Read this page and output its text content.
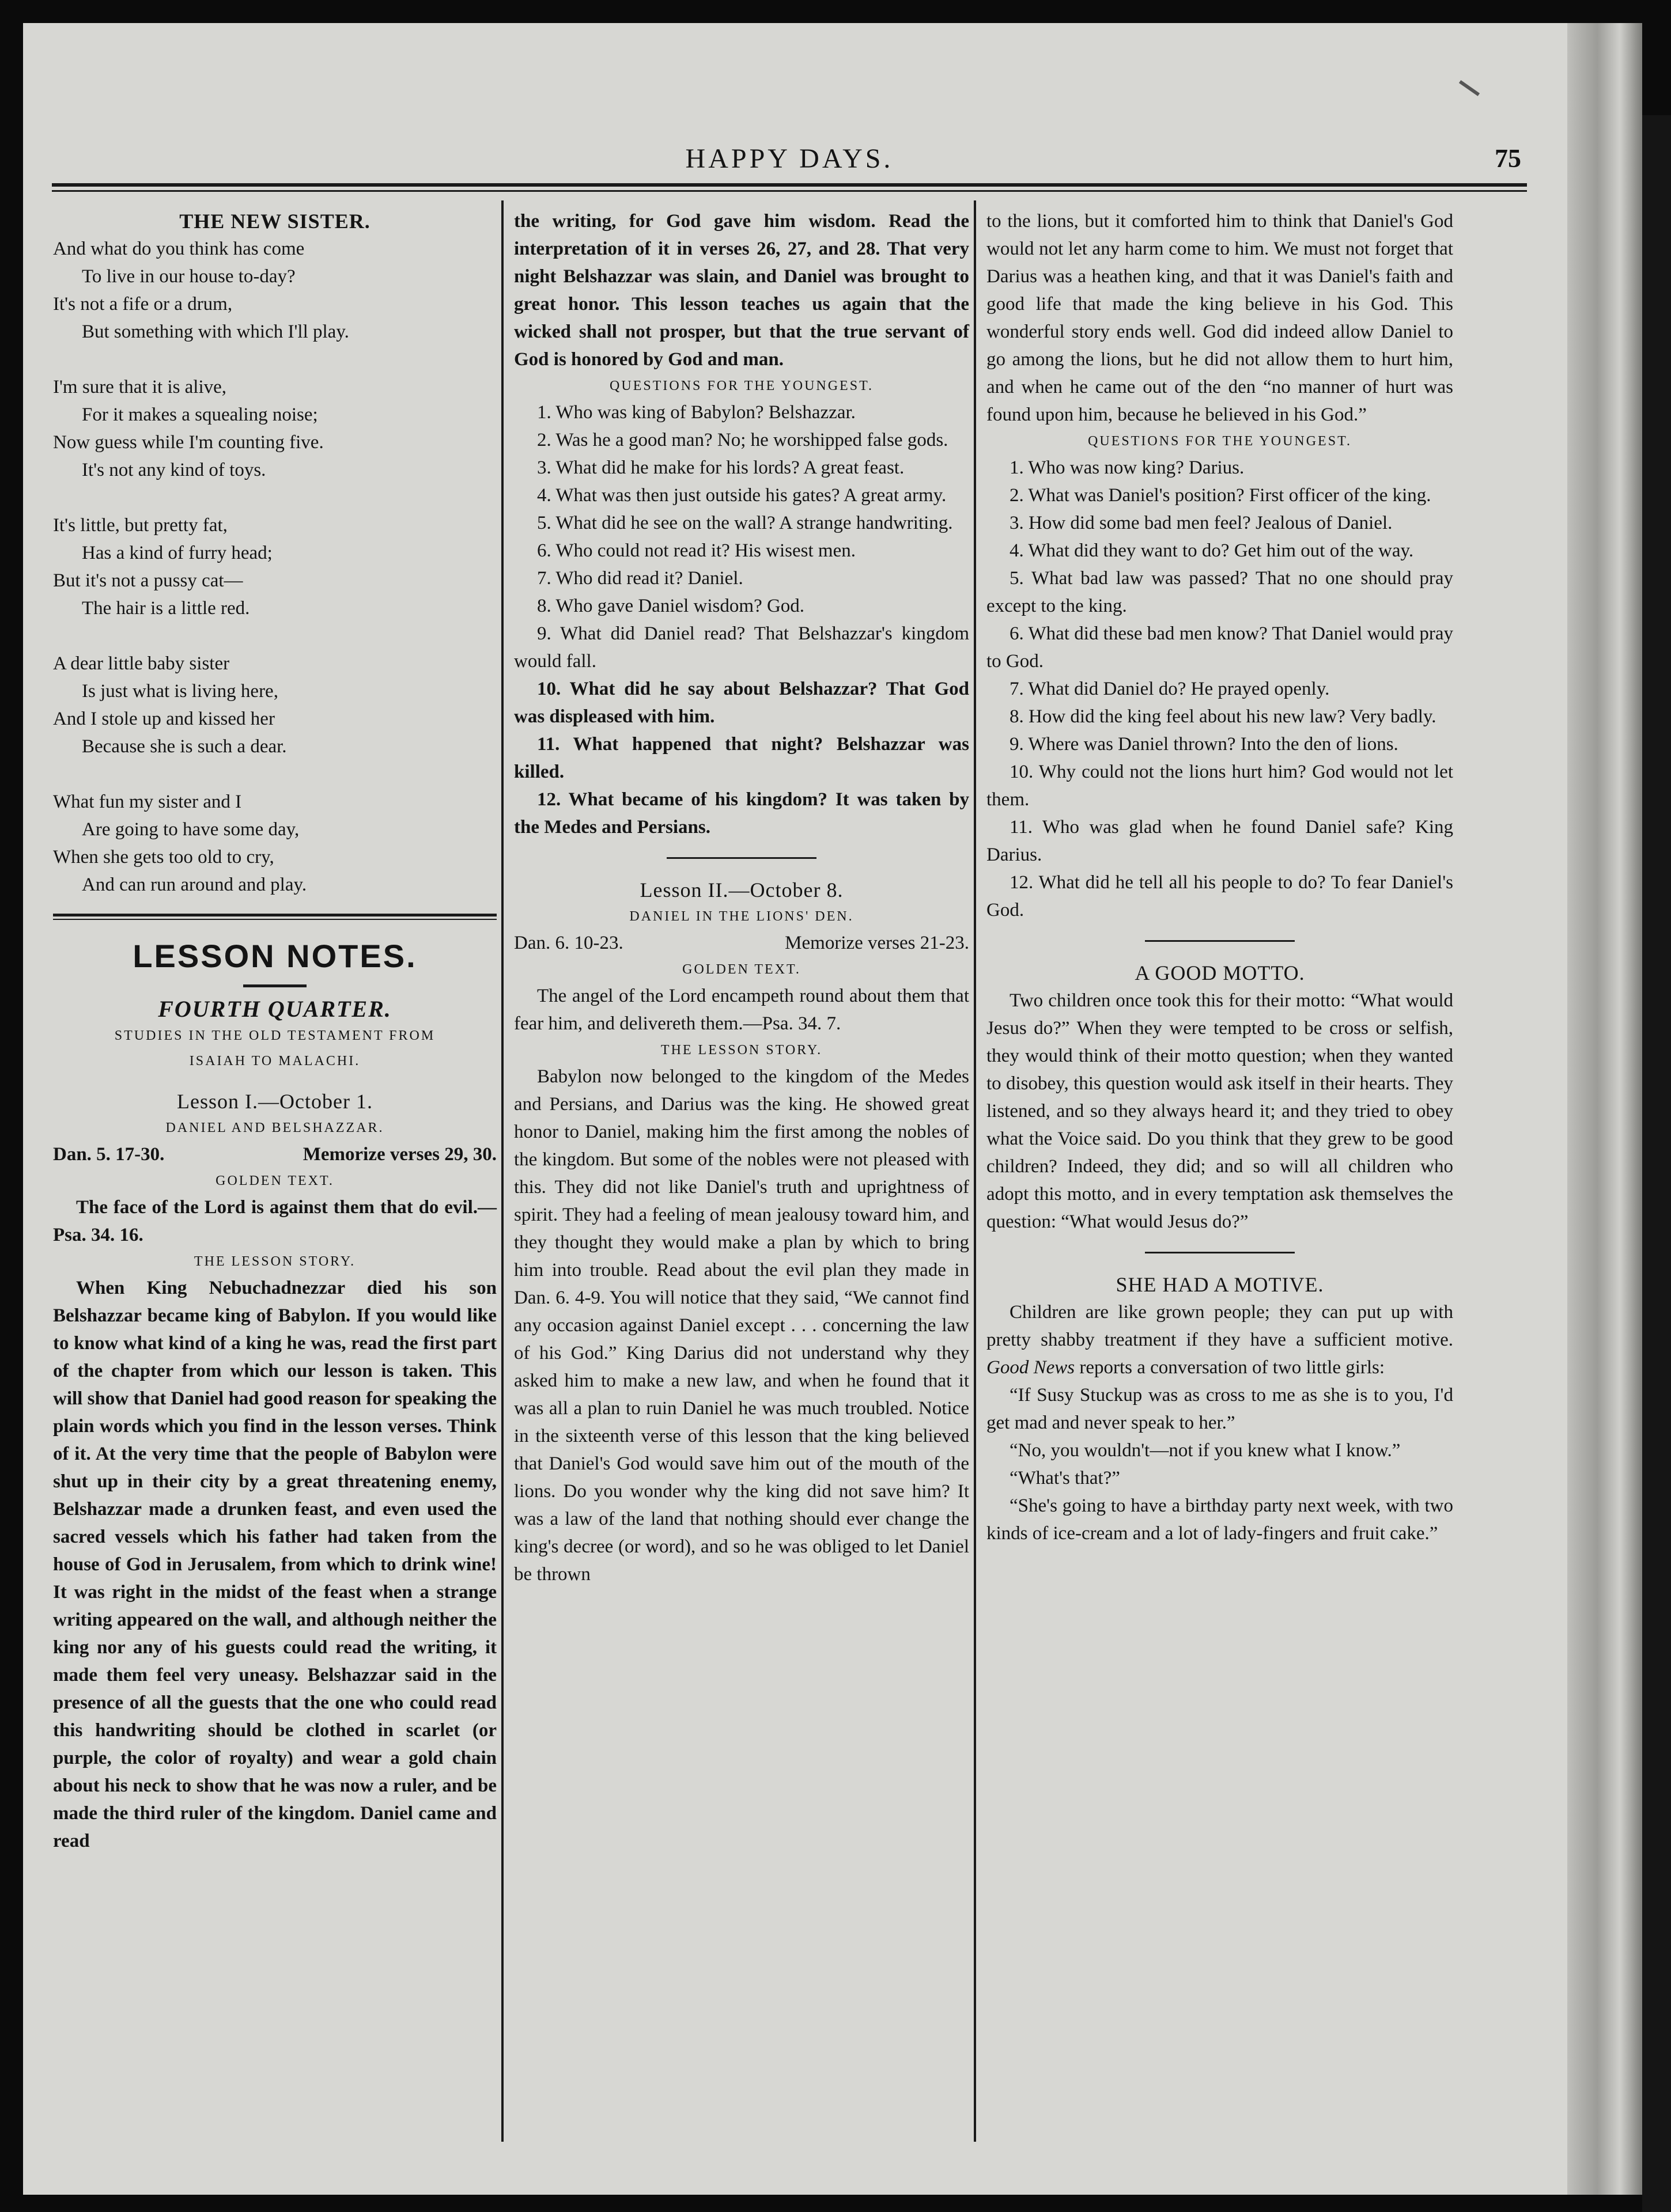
HAPPY DAYS.	75

THE NEW SISTER.

And what do you think has come

To live in our house to-day?

It's not a fife or a drum,

But something with which I'll play.

I'm sure that it is alive,

For it makes a squealing noise;

Now guess while I'm counting five.

It's not any kind of toys.

It's little, but pretty fat,

Has a kind of furry head;

But it's not a pussy cat—

The hair is a little red.

A dear little baby sister

Is just what is living here,

And I stole up and kissed her

Because she is such a dear.

What fun my sister and I

Are going to have some day,

When she gets too old to cry,

And can run around and play.

LESSON NOTES.

FOURTH QUARTER.

STUDIES IN THE OLD TESTAMENT FROM

ISAIAH TO MALACHI.

Lesson I.—October 1.

DANIEL AND BELSHAZZAR.

Dan. 5. 17-30.	Memorize verses 29, 30.

GOLDEN TEXT.

The face of the Lord is against them that do evil.—Psa. 34. 16.

THE LESSON STORY.

When King Nebuchadnezzar died his son Belshazzar became king of Babylon. If you would like to know what kind of a king he was, read the first part of the chapter from which our lesson is taken. This will show that Daniel had good reason for speaking the plain words which you find in the lesson verses. Think of it. At the very time that the people of Babylon were shut up in their city by a great threatening enemy, Belshazzar made a drunken feast, and even used the sacred vessels which his father had taken from the house of God in Jerusalem, from which to drink wine! It was right in the midst of the feast when a strange writing appeared on the wall, and although neither the king nor any of his guests could read the writing, it made them feel very uneasy. Belshazzar said in the presence of all the guests that the one who could read this handwriting should be clothed in scarlet (or purple, the color of royalty) and wear a gold chain about his neck to show that he was now a ruler, and be made the third ruler of the kingdom. Daniel came and read

the writing, for God gave him wisdom. Read the interpretation of it in verses 26, 27, and 28. That very night Belshazzar was slain, and Daniel was brought to great honor. This lesson teaches us again that the wicked shall not prosper, but that the true servant of God is honored by God and man.

QUESTIONS FOR THE YOUNGEST.

1. Who was king of Babylon? Belshazzar.

2. Was he a good man? No; he worshipped false gods.

3. What did he make for his lords? A great feast.

4. What was then just outside his gates? A great army.

5. What did he see on the wall? A strange handwriting.

6. Who could not read it? His wisest men.

7. Who did read it? Daniel.

8. Who gave Daniel wisdom? God.

9. What did Daniel read? That Belshazzar's kingdom would fall.

10. What did he say about Belshazzar? That God was displeased with him.

11. What happened that night? Belshazzar was killed.

12. What became of his kingdom? It was taken by the Medes and Persians.

Lesson II.—October 8.

DANIEL IN THE LIONS' DEN.

Dan. 6. 10-23.	Memorize verses 21-23.

GOLDEN TEXT.

The angel of the Lord encampeth round about them that fear him, and delivereth them.—Psa. 34. 7.

THE LESSON STORY.

Babylon now belonged to the kingdom of the Medes and Persians, and Darius was the king. He showed great honor to Daniel, making him the first among the nobles of the kingdom. But some of the nobles were not pleased with this. They did not like Daniel's truth and uprightness of spirit. They had a feeling of mean jealousy toward him, and they thought they would make a plan by which to bring him into trouble. Read about the evil plan they made in Dan. 6. 4-9. You will notice that they said, “We cannot find any occasion against Daniel except . . . concerning the law of his God.” King Darius did not understand why they asked him to make a new law, and when he found that it was all a plan to ruin Daniel he was much troubled. Notice in the sixteenth verse of this lesson that the king believed that Daniel's God would save him out of the mouth of the lions. Do you wonder why the king did not save him? It was a law of the land that nothing should ever change the king's decree (or word), and so he was obliged to let Daniel be thrown

to the lions, but it comforted him to think that Daniel's God would not let any harm come to him. We must not forget that Darius was a heathen king, and that it was Daniel's faith and good life that made the king believe in his God. This wonderful story ends well. God did indeed allow Daniel to go among the lions, but he did not allow them to hurt him, and when he came out of the den “no manner of hurt was found upon him, because he believed in his God.”

QUESTIONS FOR THE YOUNGEST.

1. Who was now king? Darius.

2. What was Daniel's position? First officer of the king.

3. How did some bad men feel? Jealous of Daniel.

4. What did they want to do? Get him out of the way.

5. What bad law was passed? That no one should pray except to the king.

6. What did these bad men know? That Daniel would pray to God.

7. What did Daniel do? He prayed openly.

8. How did the king feel about his new law? Very badly.

9. Where was Daniel thrown? Into the den of lions.

10. Why could not the lions hurt him? God would not let them.

11. Who was glad when he found Daniel safe? King Darius.

12. What did he tell all his people to do? To fear Daniel's God.

A GOOD MOTTO.

Two children once took this for their motto: “What would Jesus do?” When they were tempted to be cross or selfish, they would think of their motto question; when they wanted to disobey, this question would ask itself in their hearts. They listened, and so they always heard it; and they tried to obey what the Voice said. Do you think that they grew to be good children? Indeed, they did; and so will all children who adopt this motto, and in every temptation ask themselves the question: “What would Jesus do?”

SHE HAD A MOTIVE.

Children are like grown people; they can put up with pretty shabby treatment if they have a sufficient motive. Good News reports a conversation of two little girls:

“If Susy Stuckup was as cross to me as she is to you, I'd get mad and never speak to her.”

“No, you wouldn't—not if you knew what I know.”

“What's that?”

“She's going to have a birthday party next week, with two kinds of ice-cream and a lot of lady-fingers and fruit cake.”
